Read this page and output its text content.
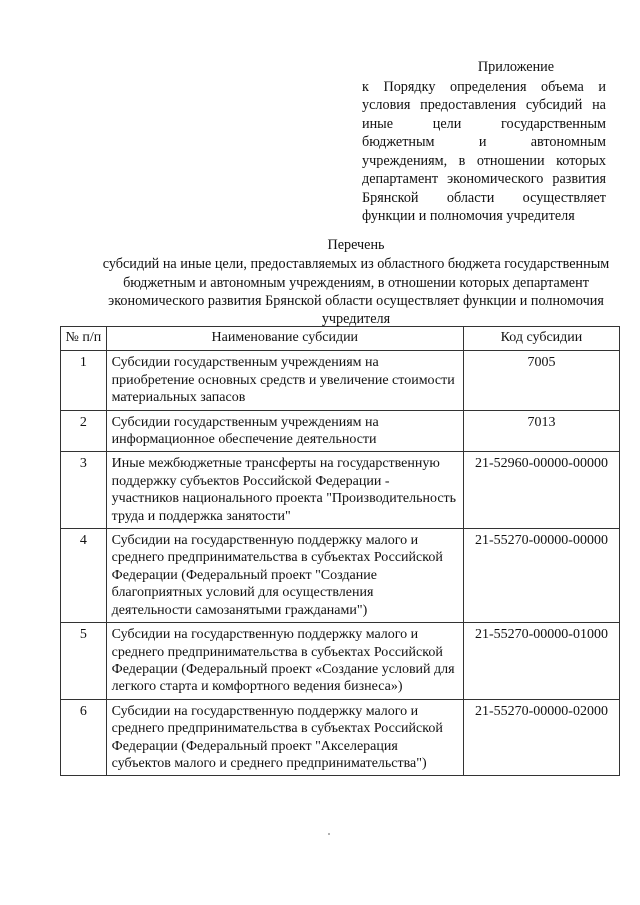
Приложение
к Порядку определения объема и условия предоставления субсидий на иные цели государственным бюджетным и автономным учреждениям, в отношении которых департамент экономического развития Брянской области осуществляет функции и полномочия учредителя
Перечень
субсидий на иные цели, предоставляемых из областного бюджета государственным бюджетным и автономным учреждениям, в отношении которых департамент экономического развития Брянской области осуществляет функции и полномочия учредителя
№ п/п	Наименование субсидии	Код субсидии
1	Субсидии государственным учреждениям на приобретение основных средств и увеличение стоимости материальных запасов	7005
2	Субсидии государственным учреждениям на информационное обеспечение деятельности	7013
3	Иные межбюджетные трансферты на государственную поддержку субъектов Российской Федерации - участников национального проекта "Производительность труда и поддержка занятости"	21-52960-00000-00000
4	Субсидии на государственную поддержку малого и среднего предпринимательства в субъектах Российской Федерации (Федеральный проект "Создание благоприятных условий для осуществления деятельности самозанятыми гражданами")	21-55270-00000-00000
5	Субсидии на государственную поддержку малого и среднего предпринимательства в субъектах Российской Федерации (Федеральный проект «Создание условий для легкого старта и комфортного ведения бизнеса»)	21-55270-00000-01000
6	Субсидии на государственную поддержку малого и среднего предпринимательства в субъектах Российской Федерации (Федеральный проект "Акселерация субъектов малого и среднего предпринимательства")	21-55270-00000-02000
